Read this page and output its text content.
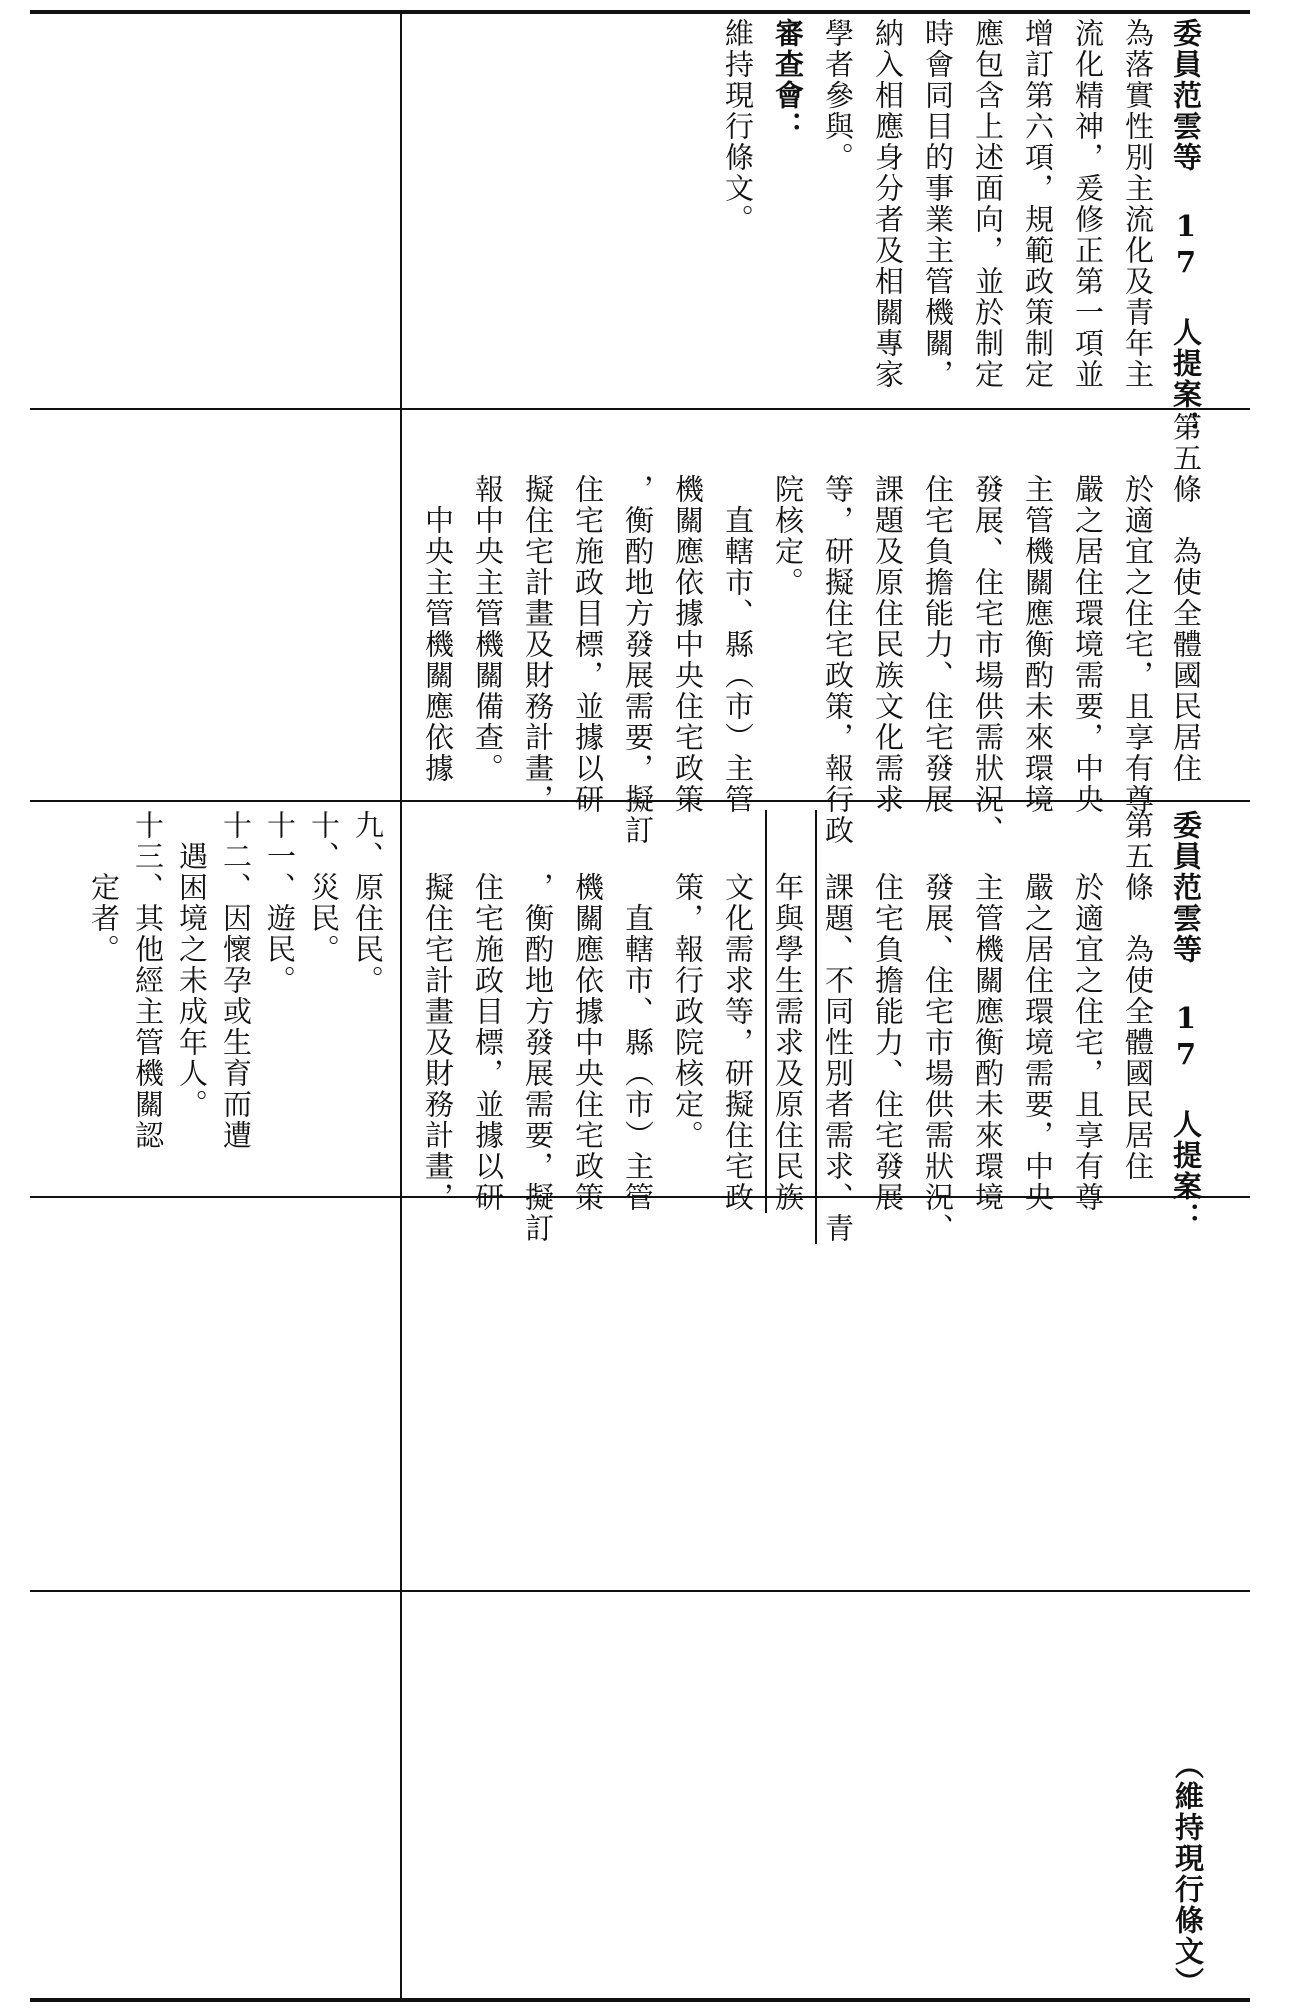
九、原住民。
十、災民。
十一、遊民。
十二、因懷孕或生育而遭
　遇困境之未成年人。
十三、其他經主管機關認
　　定者。	委員范雲等 17 人提案：
第五條　為使全體國民居住
　　於適宜之住宅，且享有尊
　　嚴之居住環境需要，中央
　　主管機關應衡酌未來環境
　　發展、住宅市場供需狀況、
　　住宅負擔能力、住宅發展
　　課題、不同性別者需求、青
　　年與學生需求及原住民族
　　文化需求等，研擬住宅政
　　策，報行政院核定。
　　　直轄市、縣（市）主管
　　機關應依據中央住宅政策
　　，衡酌地方發展需要，擬訂
　　住宅施政目標，並據以研
　　擬住宅計畫及財務計畫，
第五條　為使全體國民居住
　　於適宜之住宅，且享有尊
　　嚴之居住環境需要，中央
　　主管機關應衡酌未來環境
　　發展、住宅市場供需狀況、
　　住宅負擔能力、住宅發展
　　課題及原住民族文化需求
　　等，研擬住宅政策，報行政
　　院核定。
　　　直轄市、縣（市）主管
　　機關應依據中央住宅政策
　　，衡酌地方發展需要，擬訂
　　住宅施政目標，並據以研
　　擬住宅計畫及財務計畫，
　　報中央主管機關備查。
　　　中央主管機關應依據
委員范雲等 17 人提案：
為落實性別主流化及青年主
流化精神，爰修正第一項並
增訂第六項，規範政策制定
應包含上述面向，並於制定
時會同目的事業主管機關，
納入相應身分者及相關專家
學者參與。
審查會：
維持現行條文。
（維持現行條文）
